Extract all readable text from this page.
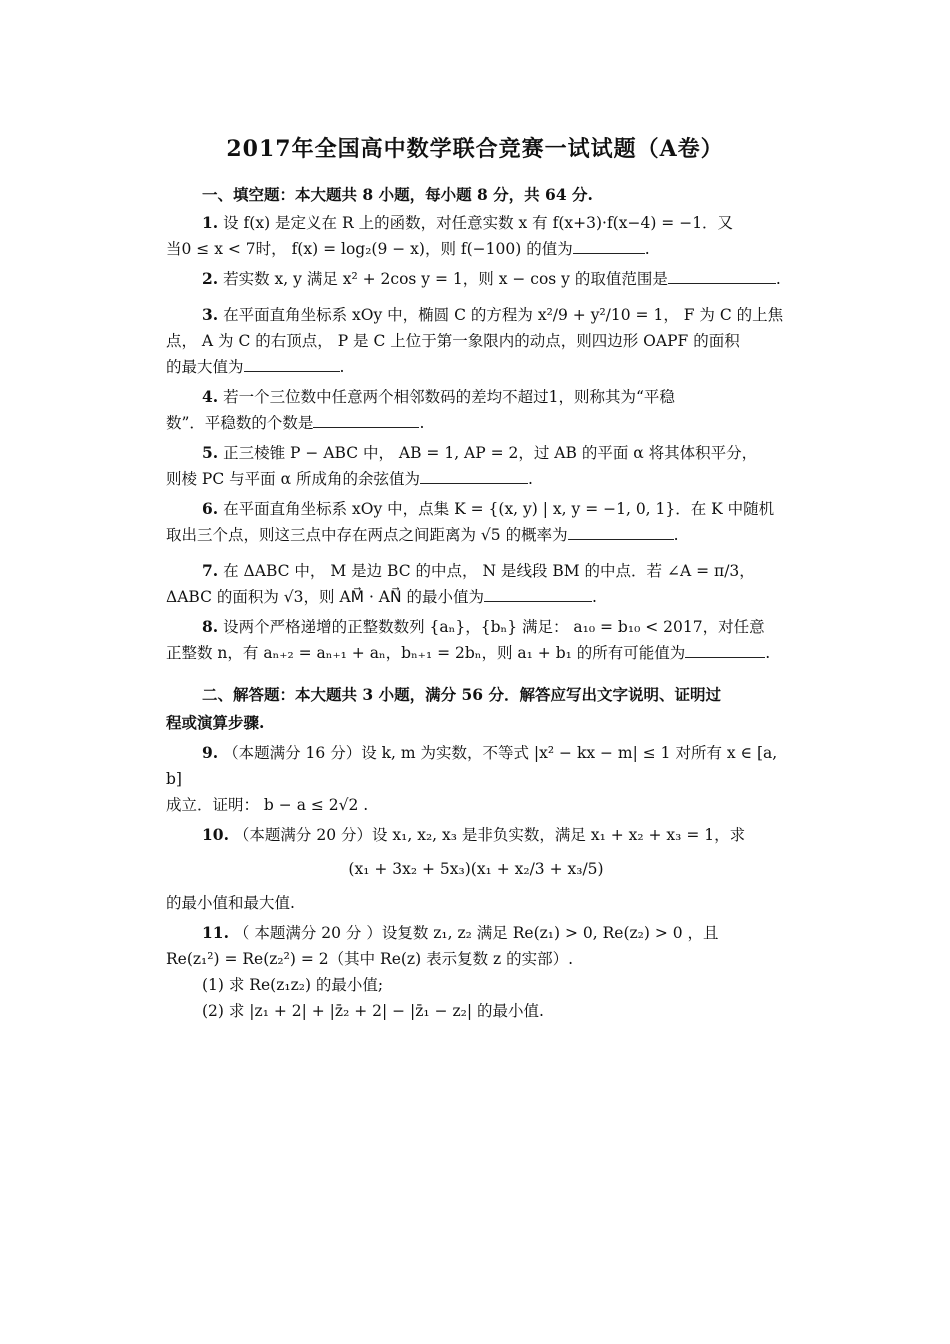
2017年全国高中数学联合竞赛一试试题（A卷）

一、填空题：本大题共 8 小题，每小题 8 分，共 64 分.

1. 设 f(x) 是定义在 R 上的函数，对任意实数 x 有 f(x+3)·f(x−4) = −1．又

当0 ≤ x < 7时， f(x) = log₂(9 − x)，则 f(−100) 的值为	.

2. 若实数 x, y 满足 x² + 2cos y = 1，则 x − cos y 的取值范围是	.

3. 在平面直角坐标系 xOy 中，椭圆 C 的方程为 x²/9 + y²/10 = 1， F 为 C 的上焦

点， A 为 C 的右顶点， P 是 C 上位于第一象限内的动点，则四边形 OAPF 的面积

的最大值为	.

4. 若一个三位数中任意两个相邻数码的差均不超过1，则称其为“平稳

数”．平稳数的个数是	.

5. 正三棱锥 P − ABC 中， AB = 1, AP = 2，过 AB 的平面 α 将其体积平分，

则棱 PC 与平面 α 所成角的余弦值为	.

6. 在平面直角坐标系 xOy 中，点集 K = {(x, y) | x, y = −1, 0, 1}．在 K 中随机

取出三个点，则这三点中存在两点之间距离为 √5 的概率为	.

7. 在 ΔABC 中， M 是边 BC 的中点， N 是线段 BM 的中点．若 ∠A = π/3，

ΔABC 的面积为 √3，则 AM⃗ · AN⃗ 的最小值为	.

8. 设两个严格递增的正整数数列 {aₙ}，{bₙ} 满足： a₁₀ = b₁₀ < 2017，对任意

正整数 n，有 aₙ₊₂ = aₙ₊₁ + aₙ，bₙ₊₁ = 2bₙ，则 a₁ + b₁ 的所有可能值为	.

二、解答题：本大题共 3 小题，满分 56 分．解答应写出文字说明、证明过

程或演算步骤.

9. （本题满分 16 分）设 k, m 为实数，不等式 |x² − kx − m| ≤ 1 对所有 x ∈ [a, b]

成立．证明： b − a ≤ 2√2 .

10. （本题满分 20 分）设 x₁, x₂, x₃ 是非负实数，满足 x₁ + x₂ + x₃ = 1，求

(x₁ + 3x₂ + 5x₃)(x₁ + x₂/3 + x₃/5)

的最小值和最大值.

11. （ 本题满分 20 分 ）设复数 z₁, z₂ 满足 Re(z₁) > 0, Re(z₂) > 0 ，且

Re(z₁²) = Re(z₂²) = 2（其中 Re(z) 表示复数 z 的实部）.

(1) 求 Re(z₁z₂) 的最小值;

(2) 求 |z₁ + 2| + |z̄₂ + 2| − |z̄₁ − z₂| 的最小值.
